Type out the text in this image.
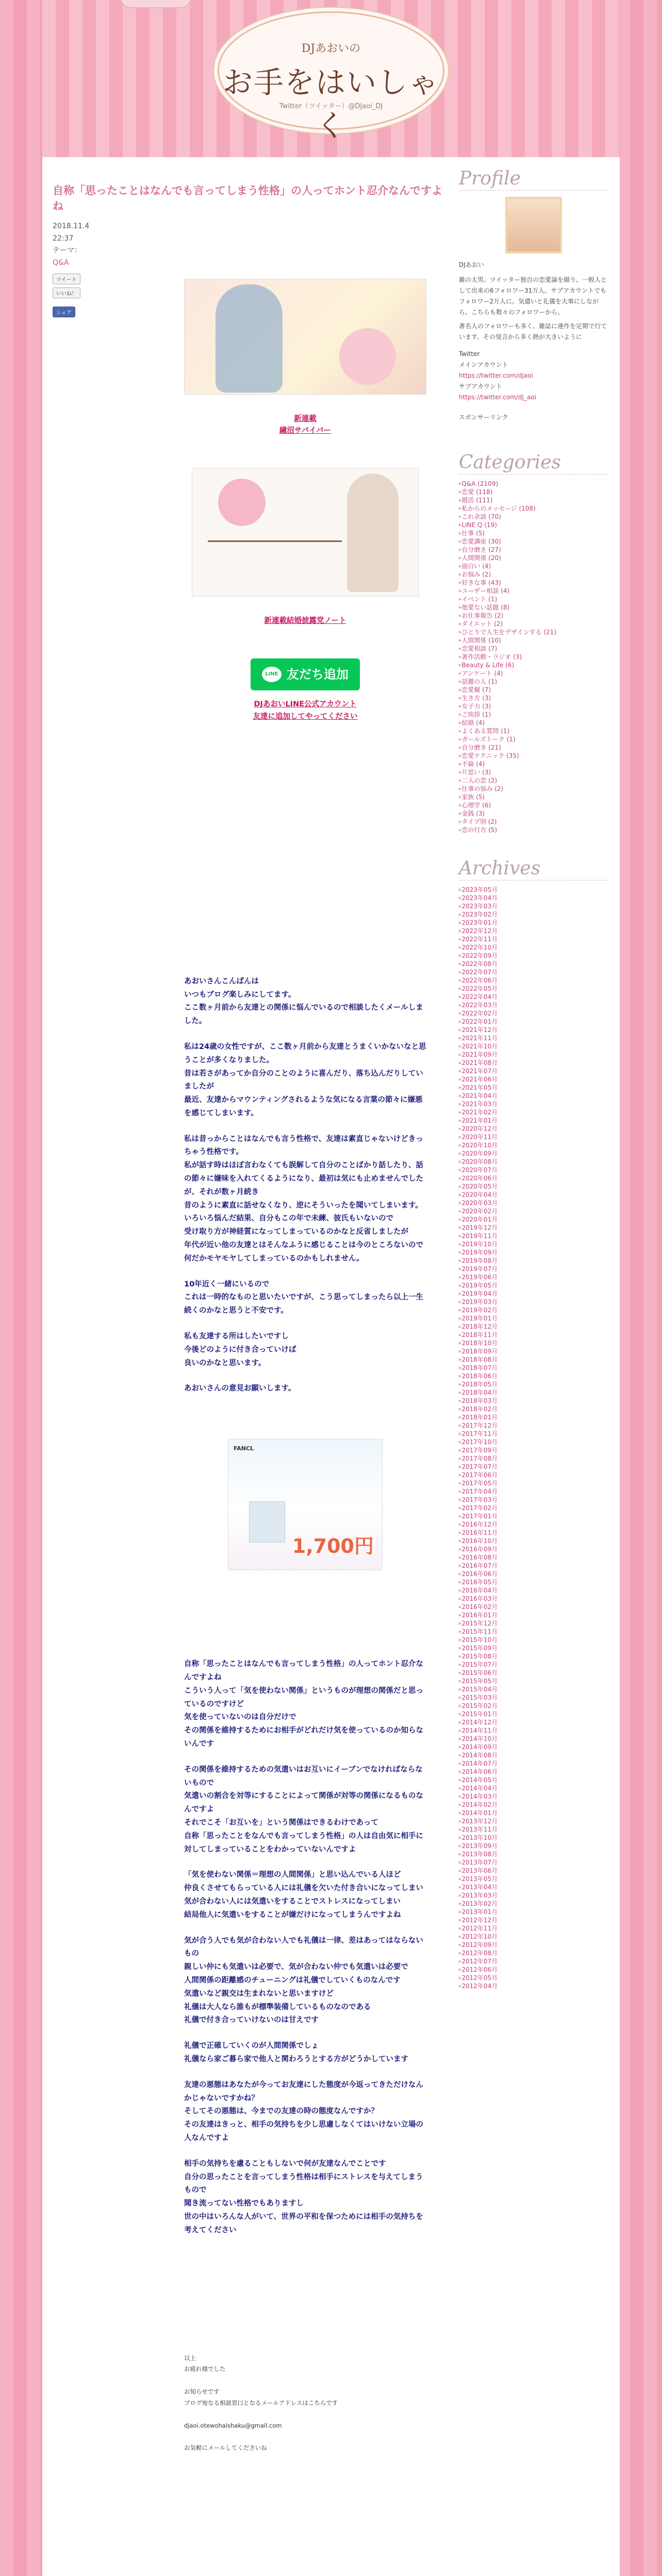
DJあおいの
お手をはいしゃく
Twitter（ツイッター）@DJaoi_DJ
自称「思ったことはなんでも言ってしまう性格」の人ってホント忍介なんですよね
2018.11.4
22:37
テーマ：
Q&A
ツイート
いいね！
シェア
新連載
繊沼サバイバー
新連載結婚披露党ノート
LINE 友だち追加
DJあおいLINE公式アカウント
友達に追加してやってください

あおいさんこんばんは
いつもブログ楽しみにしてます。
ここ数ヶ月前から友達との関係に悩んでいるので相談したくメールしました。

私は24歳の女性ですが、ここ数ヶ月前から友達とうまくいかないなと思うことが多くなりました。
昔は若さがあってか自分のことのように喜んだり、落ち込んだりしていましたが
最近、友達からマウンティングされるような気になる言葉の節々に嫌悪を感じてしまいます。

私は昔っからことはなんでも言う性格で、友達は素直じゃないけどきっちゃう性格です。
私が話す時はほぼ言わなくても誤解して自分のことばかり話したり、話の節々に嫌味を入れてくるようになり、最初は気にも止めませんでしたが、それが数ヶ月続き
昔のように素直に話せなくなり、逆にそういったを聞いてしまいます。
いろいろ悩んだ結果、自分もこの年で未練、彼氏もいないので
受け取り方が神経質になってしまっているのかなと反省しましたが
年代が近い他の友達とはそんなふうに感じることは今のところないので何だかモヤモヤしてしまっているのかもしれません。

10年近く一緒にいるので
これは一時的なものと思いたいですが、こう思ってしまったら以上一生続くのかなと思うと不安です。

私も友達する所はしたいですし
今後どのように付き合っていけば
良いのかなと思います。

あおいさんの意見お願いします。

FANCL
1,700円

自称「思ったことはなんでも言ってしまう性格」の人ってホント忍介なんですよね
こういう人って「気を使わない関係」というものが理想の関係だと思っているのですけど
気を使っていないのは自分だけで
その関係を維持するためにお相手がどれだけ気を使っているのか知らないんです

その関係を維持するための気遣いはお互いにイーブンでなければならないもので
気遣いの割合を対等にすることによって関係が対等の関係になるものなんですよ
それでこそ「お互いを」という関係はできるわけであって
自称「思ったことをなんでも言ってしまう性格」の人は自由気に相手に対してしまっていることをわかっていないんですよ

「気を使わない関係＝理想の人間関係」と思い込んでいる人ほど
仲良くさせてもらっている人には礼儀を欠いた付き合いになってしまい
気が合わない人には気遣いをすることでストレスになってしまい
結局他人に気遣いをすることが嫌だけになってしまうんですよね

気が合う人でも気が合わない人でも礼儀は一律、差はあってはならないもの
親しい仲にも気遣いは必要で、気が合わない仲でも気遣いは必要で
人間関係の距離感のチューニングは礼儀でしていくものなんです
気遣いなど親交は生まれないと思いますけど
礼儀は大人なら誰もが標準装備しているものなのである
礼儀で付き合っていけないのは甘えです

礼儀で正確していくのが人間関係でしょ
礼儀なら家ご暮ら家で他人と関わろうとする方がどうかしています

友達の悪態はあなたが今ってお友達にした態度が今返ってきただけなんかじゃないですかね？
そしてその悪態は、今までの友達の時の態度なんですか？
その友達はきっと、相手の気持ちを少し思慮しなくてはいけない立場の人なんですよ

相手の気持ちを慮ることもしないで何が友達なんでことです
自分の思ったことを言ってしまう性格は相手にストレスを与えてしまうもので
聞き流ってない性格でもありますし
世の中はいろんな人がいて、世界の平和を保つためには相手の気持ちを考えてください

以上
お疲れ様でした

お知らせです
ブログ宛なる相談窓口となるメールアドレスはこちらです

djaoi.otewohaishaku@gmail.com

お気軽にメールしてくださいね
Profile
DJあおい
雑の太男。ツイッター独自の恋愛論を綴り、一般人として出来の6フォロワー31万人。サブアカウントでもフォロワー2万人に。気遣いと礼儀を大事にしながら、こちらも数々のフォロワーから。
著名人のフォロワーも多く、雑誌に連作を定期で行ています。その発言から多く熱が大きいように
Twitter
メインアカウント
https://twitter.com/djaoi
サブアカウント
https://twitter.com/dj_aoi
スポンサーリンク
Categories
▶ Q&A (2109)
▶ 恋愛 (118)
▶ 婚活 (111)
▶ 私からのメッセージ (108)
▶ これ余談 (70)
▶ LINE Q (19)
▶ 仕事 (5)
▶ 恋愛講座 (30)
▶ 自分磨き (27)
▶ 人間関係 (20)
▶ 面白い (4)
▶ お悩み (2)
▶ 好きな事 (43)
▶ ユーザー相談 (4)
▶ イベント (1)
▶ 他愛ない話題 (8)
▶ お仕事報告 (2)
▶ ダイエット (2)
▶ ひとりで人生をデザインする (21)
▶ 人間関係 (10)
▶ 恋愛相談 (7)
▶ 著作活動・ラジオ (3)
▶ Beauty & Life (6)
▶ アンケート (4)
▶ 話題の人 (1)
▶ 恋愛観 (7)
▶ 生き方 (3)
▶ 女子力 (3)
▶ ご挨拶 (1)
▶ 結婚 (4)
▶ よくある質問 (1)
▶ ガールズトーク (1)
▶ 自分磨き (21)
▶ 恋愛テクニック (35)
▶ 不倫 (4)
▶ 片思い (3)
▶ 二人の恋 (2)
▶ 仕事の悩み (2)
▶ 家族 (5)
▶ 心理学 (6)
▶ 金銭 (3)
▶ タイプ別 (2)
▶ 恋の行方 (5)
Archives
▶ 2023年05月
▶ 2023年04月
▶ 2023年03月
▶ 2023年02月
▶ 2023年01月
▶ 2022年12月
▶ 2022年11月
▶ 2022年10月
▶ 2022年09月
▶ 2022年08月
▶ 2022年07月
▶ 2022年06月
▶ 2022年05月
▶ 2022年04月
▶ 2022年03月
▶ 2022年02月
▶ 2022年01月
▶ 2021年12月
▶ 2021年11月
▶ 2021年10月
▶ 2021年09月
▶ 2021年08月
▶ 2021年07月
▶ 2021年06月
▶ 2021年05月
▶ 2021年04月
▶ 2021年03月
▶ 2021年02月
▶ 2021年01月
▶ 2020年12月
▶ 2020年11月
▶ 2020年10月
▶ 2020年09月
▶ 2020年08月
▶ 2020年07月
▶ 2020年06月
▶ 2020年05月
▶ 2020年04月
▶ 2020年03月
▶ 2020年02月
▶ 2020年01月
▶ 2019年12月
▶ 2019年11月
▶ 2019年10月
▶ 2019年09月
▶ 2019年08月
▶ 2019年07月
▶ 2019年06月
▶ 2019年05月
▶ 2019年04月
▶ 2019年03月
▶ 2019年02月
▶ 2019年01月
▶ 2018年12月
▶ 2018年11月
▶ 2018年10月
▶ 2018年09月
▶ 2018年08月
▶ 2018年07月
▶ 2018年06月
▶ 2018年05月
▶ 2018年04月
▶ 2018年03月
▶ 2018年02月
▶ 2018年01月
▶ 2017年12月
▶ 2017年11月
▶ 2017年10月
▶ 2017年09月
▶ 2017年08月
▶ 2017年07月
▶ 2017年06月
▶ 2017年05月
▶ 2017年04月
▶ 2017年03月
▶ 2017年02月
▶ 2017年01月
▶ 2016年12月
▶ 2016年11月
▶ 2016年10月
▶ 2016年09月
▶ 2016年08月
▶ 2016年07月
▶ 2016年06月
▶ 2016年05月
▶ 2016年04月
▶ 2016年03月
▶ 2016年02月
▶ 2016年01月
▶ 2015年12月
▶ 2015年11月
▶ 2015年10月
▶ 2015年09月
▶ 2015年08月
▶ 2015年07月
▶ 2015年06月
▶ 2015年05月
▶ 2015年04月
▶ 2015年03月
▶ 2015年02月
▶ 2015年01月
▶ 2014年12月
▶ 2014年11月
▶ 2014年10月
▶ 2014年09月
▶ 2014年08月
▶ 2014年07月
▶ 2014年06月
▶ 2014年05月
▶ 2014年04月
▶ 2014年03月
▶ 2014年02月
▶ 2014年01月
▶ 2013年12月
▶ 2013年11月
▶ 2013年10月
▶ 2013年09月
▶ 2013年08月
▶ 2013年07月
▶ 2013年06月
▶ 2013年05月
▶ 2013年04月
▶ 2013年03月
▶ 2013年02月
▶ 2013年01月
▶ 2012年12月
▶ 2012年11月
▶ 2012年10月
▶ 2012年09月
▶ 2012年08月
▶ 2012年07月
▶ 2012年06月
▶ 2012年05月
▶ 2012年04月
